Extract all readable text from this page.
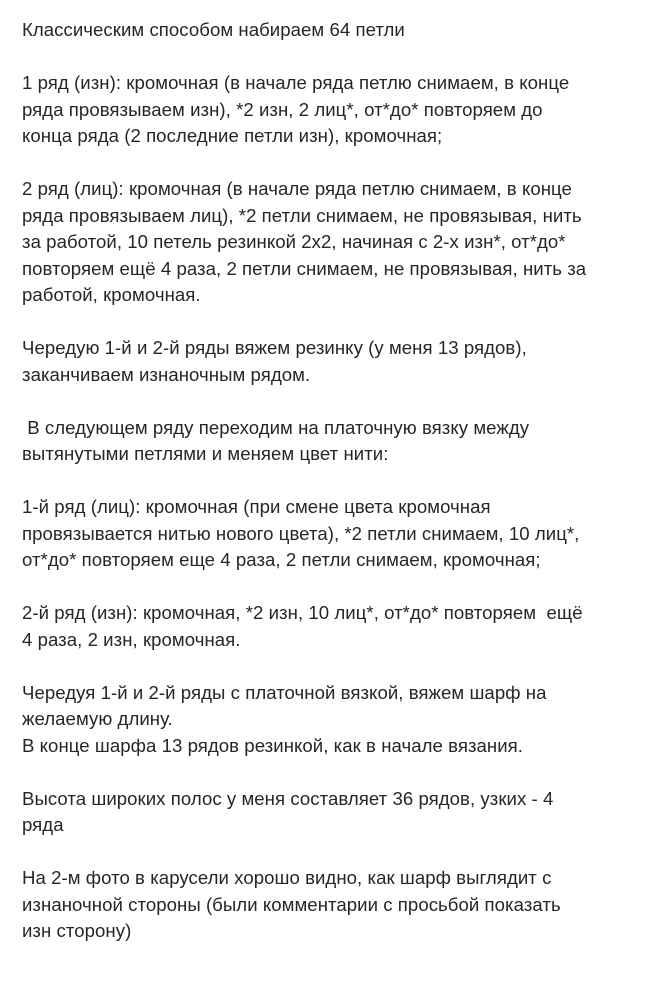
Классическим способом набираем 64 петли

1 ряд (изн): кромочная (в начале ряда петлю снимаем, в конце
ряда провязываем изн), *2 изн, 2 лиц*, от*до* повторяем до
конца ряда (2 последние петли изн), кромочная;

2 ряд (лиц): кромочная (в начале ряда петлю снимаем, в конце
ряда провязываем лиц), *2 петли снимаем, не провязывая, нить
за работой, 10 петель резинкой 2х2, начиная с 2-х изн*, от*до*
повторяем ещё 4 раза, 2 петли снимаем, не провязывая, нить за
работой, кромочная.

Чередую 1-й и 2-й ряды вяжем резинку (у меня 13 рядов),
заканчиваем изнаночным рядом.

В следующем ряду переходим на платочную вязку между
вытянутыми петлями и меняем цвет нити:

1-й ряд (лиц): кромочная (при смене цвета кромочная
провязывается нитью нового цвета), *2 петли снимаем, 10 лиц*,
от*до* повторяем еще 4 раза, 2 петли снимаем, кромочная;

2-й ряд (изн): кромочная, *2 изн, 10 лиц*, от*до* повторяем  ещё
4 раза, 2 изн, кромочная.

Чередуя 1-й и 2-й ряды с платочной вязкой, вяжем шарф на
желаемую длину.
В конце шарфа 13 рядов резинкой, как в начале вязания.

Высота широких полос у меня составляет 36 рядов, узких - 4
ряда

На 2-м фото в карусели хорошо видно, как шарф выглядит с
изнаночной стороны (были комментарии с просьбой показать
изн сторону)
